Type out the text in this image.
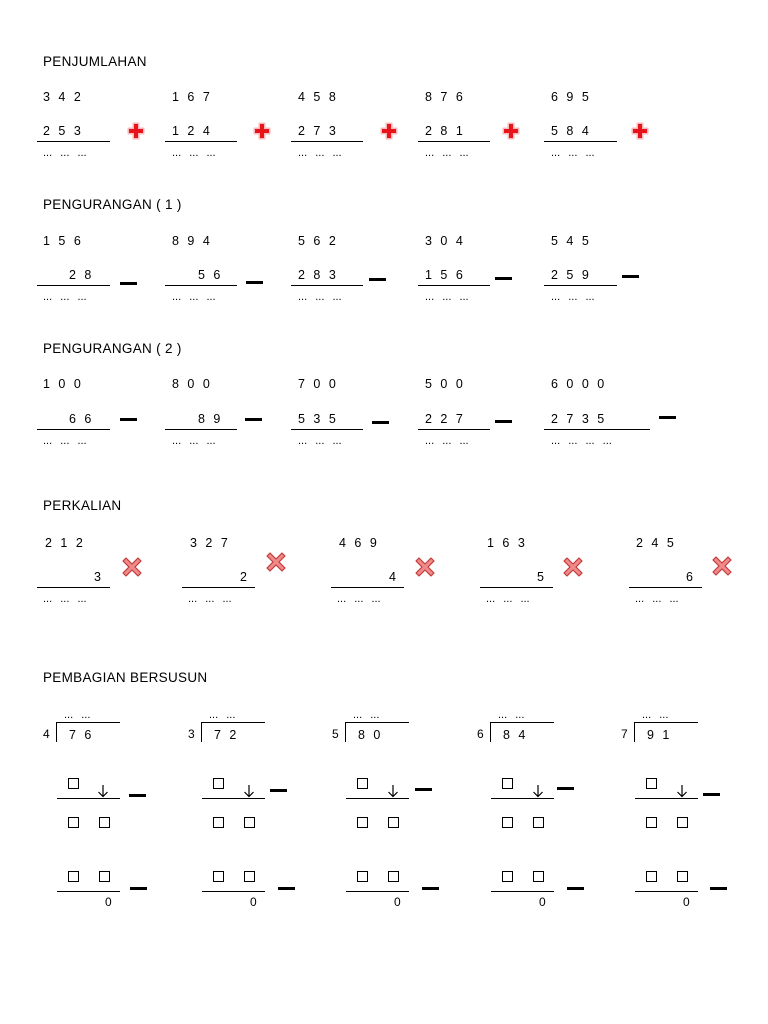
PENJUMLAHAN
PENGURANGAN ( 1 )
PENGURANGAN ( 2 )
PERKALIAN
PEMBAGIAN BERSUSUN
3 4 2
2 5 3
... ... ...
1 6 7
1 2 4
... ... ...
4 5 8
2 7 3
... ... ...
8 7 6
2 8 1
... ... ...
6 9 5
5 8 4
... ... ...
1 5 6
2 8
... ... ...
8 9 4
5 6
... ... ...
5 6 2
2 8 3
... ... ...
3 0 4
1 5 6
... ... ...
5 4 5
2 5 9
... ... ...
1 0 0
6 6
... ... ...
8 0 0
8 9
... ... ...
7 0 0
5 3 5
... ... ...
5 0 0
2 2 7
... ... ...
6 0 0 0
2 7 3 5
... ... ... ...
2 1 2
3
... ... ...
3 2 7
2
... ... ...
4 6 9
4
... ... ...
1 6 3
5
... ... ...
2 4 5
6
... ... ...
... ...
4 7 6
0
... ...
3 7 2
0
... ...
5 8 0
0
... ...
6 8 4
0
... ...
7 9 1
0
